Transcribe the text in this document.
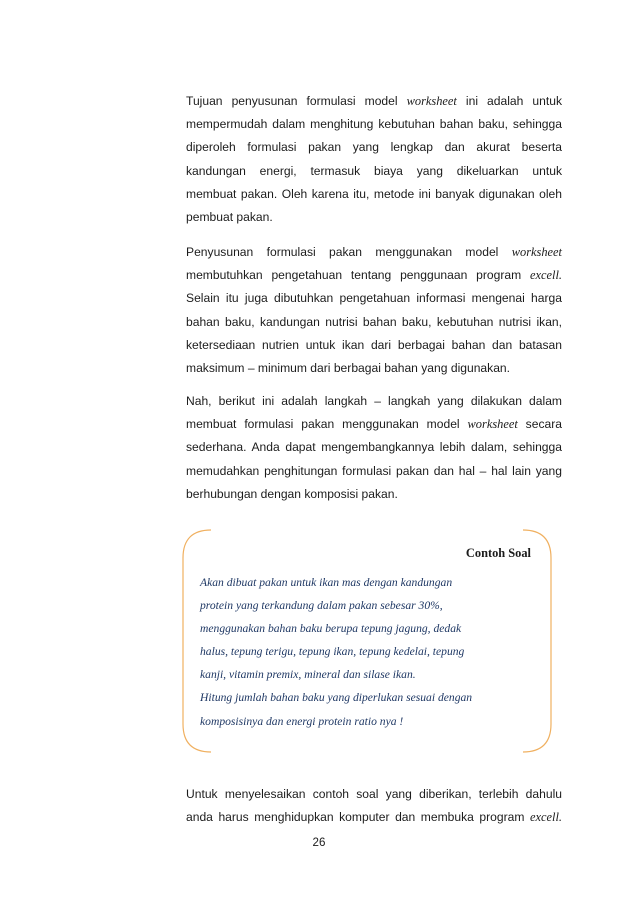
Tujuan penyusunan formulasi model worksheet ini adalah untuk
mempermudah dalam menghitung kebutuhan bahan baku, sehingga
diperoleh formulasi pakan yang lengkap dan akurat beserta
kandungan energi, termasuk biaya yang dikeluarkan untuk
membuat pakan. Oleh karena itu, metode ini banyak digunakan oleh
pembuat pakan.

Penyusunan formulasi pakan menggunakan model worksheet
membutuhkan pengetahuan tentang penggunaan program excell.
Selain itu juga dibutuhkan pengetahuan informasi mengenai harga
bahan baku, kandungan nutrisi bahan baku, kebutuhan nutrisi ikan,
ketersediaan nutrien untuk ikan dari berbagai bahan dan batasan
maksimum – minimum dari berbagai bahan yang digunakan.

Nah, berikut ini adalah langkah – langkah yang dilakukan dalam
membuat formulasi pakan menggunakan model worksheet secara
sederhana. Anda dapat mengembangkannya lebih dalam, sehingga
memudahkan penghitungan formulasi pakan dan hal – hal lain yang
berhubungan dengan komposisi pakan.

Untuk menyelesaikan contoh soal yang diberikan, terlebih dahulu
anda harus menghidupkan komputer dan membuka program excell.

Contoh Soal
Akan dibuat pakan untuk ikan mas dengan kandungan
protein yang terkandung dalam pakan sebesar 30%,
menggunakan bahan baku berupa tepung jagung, dedak
halus, tepung terigu, tepung ikan, tepung kedelai, tepung
kanji, vitamin premix, mineral dan silase ikan.
Hitung jumlah bahan baku yang diperlukan sesuai dengan
komposisinya dan energi protein ratio nya !
26
